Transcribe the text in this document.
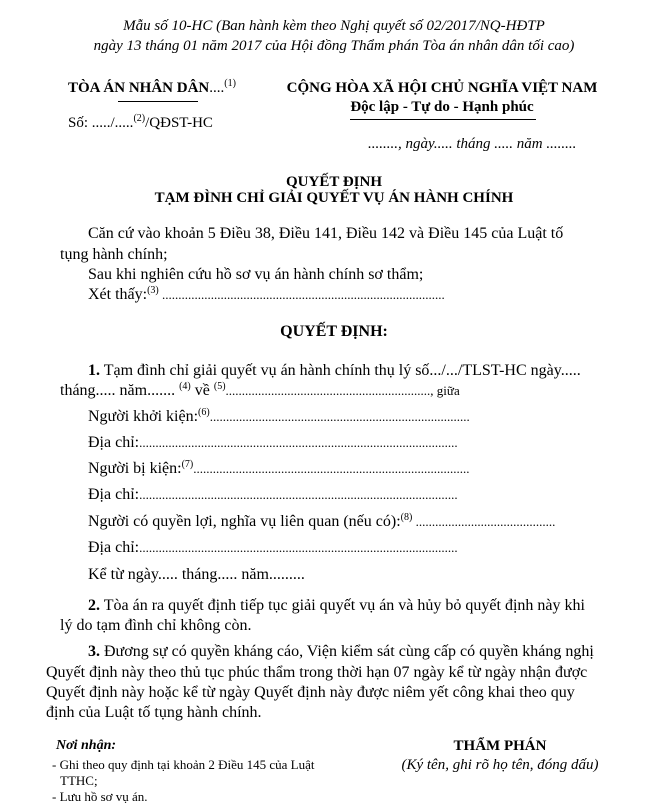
Mẫu số 10-HC (Ban hành kèm theo Nghị quyết số 02/2017/NQ-HĐTP
ngày 13 tháng 01 năm 2017 của Hội đồng Thẩm phán Tòa án nhân dân tối cao)
TÒA ÁN NHÂN DÂN....$^{(1)}$
Số: ...../.....$^{(2)}$/QĐST-HC
CỘNG HÒA XÃ HỘI CHỦ NGHĨA VIỆT NAM
Độc lập - Tự do - Hạnh phúc
........, ngày..... tháng ..... năm ........
QUYẾT ĐỊNH
TẠM ĐÌNH CHỈ GIẢI QUYẾT VỤ ÁN HÀNH CHÍNH
Căn cứ vào khoản 5 Điều 38, Điều 141, Điều 142 và Điều 145 của Luật tố
tụng hành chính;
Sau khi nghiên cứu hồ sơ vụ án hành chính sơ thẩm;
Xét thấy:$^{(3)}$ .......................................................................................
QUYẾT ĐỊNH:
1. Tạm đình chỉ giải quyết vụ án hành chính thụ lý số.../.../TLST-HC ngày.....
tháng..... năm....... $^{(4)}$ về $^{(5)}$..............................................................., giữa
Người khởi kiện:$^{(6)}$................................................................................
Địa chỉ:..................................................................................................
Người bị kiện:$^{(7)}$.....................................................................................
Địa chỉ:..................................................................................................
Người có quyền lợi, nghĩa vụ liên quan (nếu có):$^{(8)}$ ...........................................
Địa chỉ:..................................................................................................
Kể từ ngày..... tháng..... năm.........
2. Tòa án ra quyết định tiếp tục giải quyết vụ án và hủy bỏ quyết định này khi
lý do tạm đình chỉ không còn.
3. Đương sự có quyền kháng cáo, Viện kiểm sát cùng cấp có quyền kháng nghị
Quyết định này theo thủ tục phúc thẩm trong thời hạn 07 ngày kể từ ngày nhận được
Quyết định này hoặc kể từ ngày Quyết định này được niêm yết công khai theo quy
định của Luật tố tụng hành chính.
Nơi nhận:
- Ghi theo quy định tại khoản 2 Điều 145 của Luật
TTHC;
- Lưu hồ sơ vụ án.
THẨM PHÁN
(Ký tên, ghi rõ họ tên, đóng dấu)
